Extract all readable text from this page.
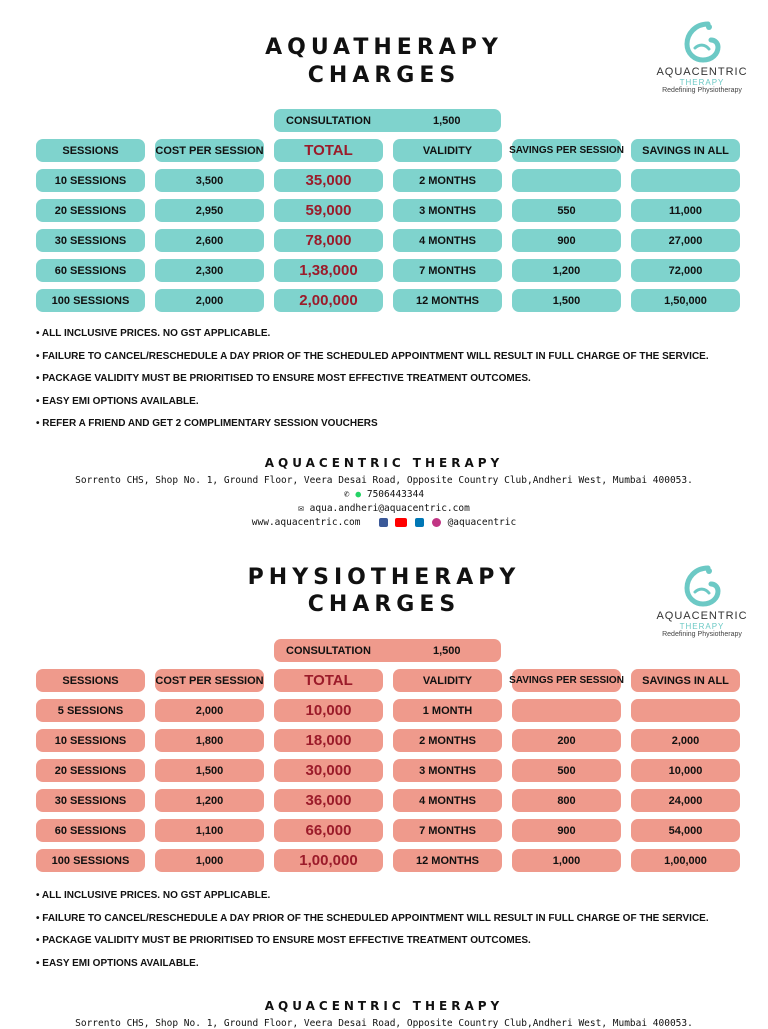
AQUATHERAPY
CHARGES	AQUACENTRIC
THERAPY
Redefining Physiotherapy
CONSULTATION	1,500
SESSIONS	COST PER SESSION	TOTAL	VALIDITY	SAVINGS PER SESSION	SAVINGS IN ALL
10 SESSIONS	3,500	35,000	2 MONTHS
20 SESSIONS	2,950	59,000	3 MONTHS	550	11,000
30 SESSIONS	2,600	78,000	4 MONTHS	900	27,000
60 SESSIONS	2,300	1,38,000	7 MONTHS	1,200	72,000
100 SESSIONS	2,000	2,00,000	12 MONTHS	1,500	1,50,000
• ALL INCLUSIVE PRICES. NO GST APPLICABLE.
• FAILURE TO CANCEL/RESCHEDULE A DAY PRIOR OF THE SCHEDULED APPOINTMENT WILL RESULT IN FULL CHARGE OF THE SERVICE.
• PACKAGE VALIDITY MUST BE PRIORITISED TO ENSURE MOST EFFECTIVE TREATMENT OUTCOMES.
• EASY EMI OPTIONS AVAILABLE.
• REFER A FRIEND AND GET 2 COMPLIMENTARY SESSION VOUCHERS
AQUACENTRIC THERAPY
Sorrento CHS, Shop No. 1, Ground Floor, Veera Desai Road, Opposite Country Club,Andheri West, Mumbai 400053.
✆ ● 7506443344
✉ aqua.andheri@aquacentric.com
www.aquacentric.com	@aquacentric
PHYSIOTHERAPY
CHARGES	AQUACENTRIC
THERAPY
Redefining Physiotherapy
CONSULTATION	1,500
SESSIONS	COST PER SESSION	TOTAL	VALIDITY	SAVINGS PER SESSION	SAVINGS IN ALL
5 SESSIONS	2,000	10,000	1 MONTH
10 SESSIONS	1,800	18,000	2 MONTHS	200	2,000
20 SESSIONS	1,500	30,000	3 MONTHS	500	10,000
30 SESSIONS	1,200	36,000	4 MONTHS	800	24,000
60 SESSIONS	1,100	66,000	7 MONTHS	900	54,000
100 SESSIONS	1,000	1,00,000	12 MONTHS	1,000	1,00,000
• ALL INCLUSIVE PRICES. NO GST APPLICABLE.
• FAILURE TO CANCEL/RESCHEDULE A DAY PRIOR OF THE SCHEDULED APPOINTMENT WILL RESULT IN FULL CHARGE OF THE SERVICE.
• PACKAGE VALIDITY MUST BE PRIORITISED TO ENSURE MOST EFFECTIVE TREATMENT OUTCOMES.
• EASY EMI OPTIONS AVAILABLE.
AQUACENTRIC THERAPY
Sorrento CHS, Shop No. 1, Ground Floor, Veera Desai Road, Opposite Country Club,Andheri West, Mumbai 400053.
